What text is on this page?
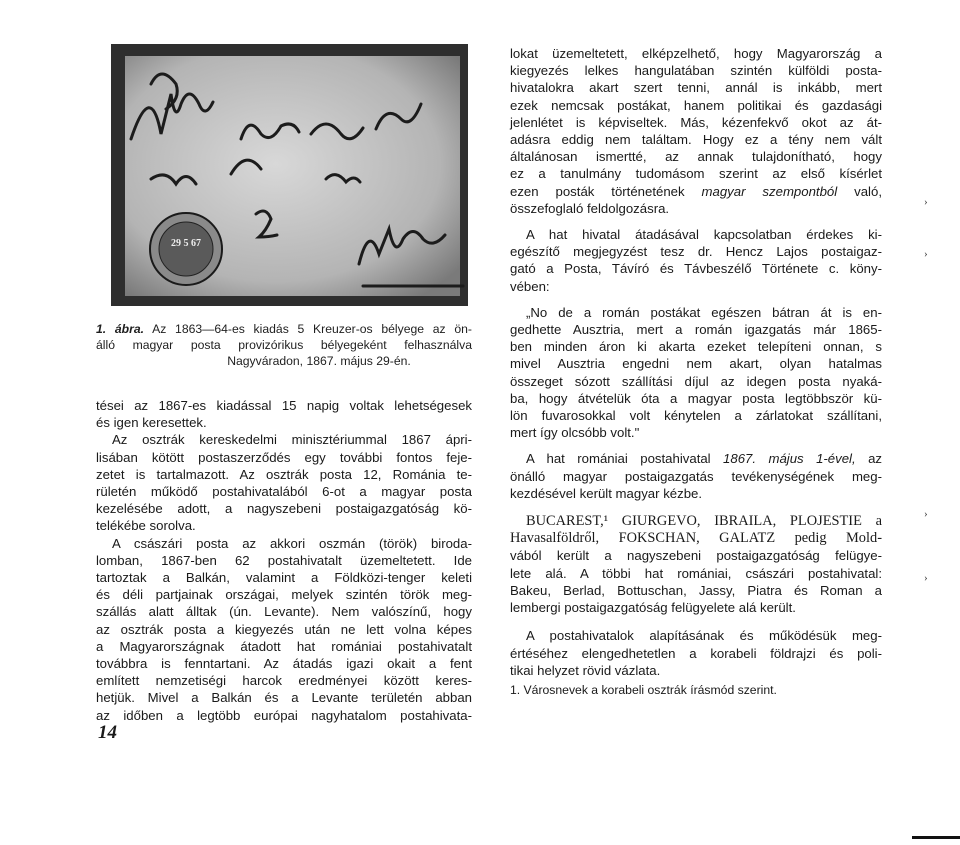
29 5 67
1. ábra. Az 1863—64-es kiadás 5 Kreuzer-os bélyege az ön-
álló magyar posta provizórikus bélyegeként felhasználva
Nagyváradon, 1867. május 29-én.
tései az 1867-es kiadással 15 napig voltak lehetségesek
és igen keresettek.
Az osztrák kereskedelmi minisztériummal 1867 ápri-
lisában kötött postaszerződés egy további fontos feje-
zetet is tartalmazott. Az osztrák posta 12, Románia te-
rületén működő postahivatalából 6-ot a magyar posta
kezelésébe adott, a nagyszebeni postaigazgatóság kö-
telékébe sorolva.
A császári posta az akkori oszmán (török) biroda-
lomban, 1867-ben 62 postahivatalt üzemeltetett. Ide
tartoztak a Balkán, valamint a Földközi-tenger keleti
és déli partjainak országai, melyek szintén török meg-
szállás alatt álltak (ún. Levante). Nem valószínű, hogy
az osztrák posta a kiegyezés után ne lett volna képes
a Magyarországnak átadott hat romániai postahivatalt
továbbra is fenntartani. Az átadás igazi okait a fent
említett nemzetiségi harcok eredményei között keres-
hetjük. Mivel a Balkán és a Levante területén abban
az időben a legtöbb európai nagyhatalom postahivata-
lokat üzemeltetett, elképzelhető, hogy Magyarország a
kiegyezés lelkes hangulatában szintén külföldi posta-
hivatalokra akart szert tenni, annál is inkább, mert
ezek nemcsak postákat, hanem politikai és gazdasági
jelenlétet is képviseltek. Más, kézenfekvő okot az át-
adásra eddig nem találtam. Hogy ez a tény nem vált
általánosan ismertté, az annak tulajdonítható, hogy
ez a tanulmány tudomásom szerint az első kísérlet
ezen posták történetének magyar szempontból való,
összefoglaló feldolgozásra.
A hat hivatal átadásával kapcsolatban érdekes ki-
egészítő megjegyzést tesz dr. Hencz Lajos postaigaz-
gató a Posta, Távíró és Távbeszélő Története c. köny-
vében:
„No de a román postákat egészen bátran át is en-
gedhette Ausztria, mert a román igazgatás már 1865-
ben minden áron ki akarta ezeket telepíteni onnan, s
mivel Ausztria engedni nem akart, olyan hatalmas
összeget sózott szállítási díjul az idegen posta nyaká-
ba, hogy átvételük óta a magyar posta legtöbbször kü-
lön fuvarosokkal volt kénytelen a zárlatokat szállítani,
mert így olcsóbb volt."
A hat romániai postahivatal 1867. május 1-ével, az
önálló magyar postaigazgatás tevékenységének meg-
kezdésével került magyar kézbe.
BUCAREST,¹ GIURGEVO, IBRAILA, PLOJESTIE a
Havasalföldről, FOKSCHAN, GALATZ pedig Mold-
vából került a nagyszebeni postaigazgatóság felügye-
lete alá. A többi hat romániai, császári postahivatal:
Bakeu, Berlad, Bottuschan, Jassy, Piatra és Roman a
lembergi postaigazgatóság felügyelete alá került.
A postahivatalok alapításának és működésük meg-
értéséhez elengedhetetlen a korabeli földrajzi és poli-
tikai helyzet rövid vázlata.
1. Városnevek a korabeli osztrák írásmód szerint.
14
›
›
›
›
